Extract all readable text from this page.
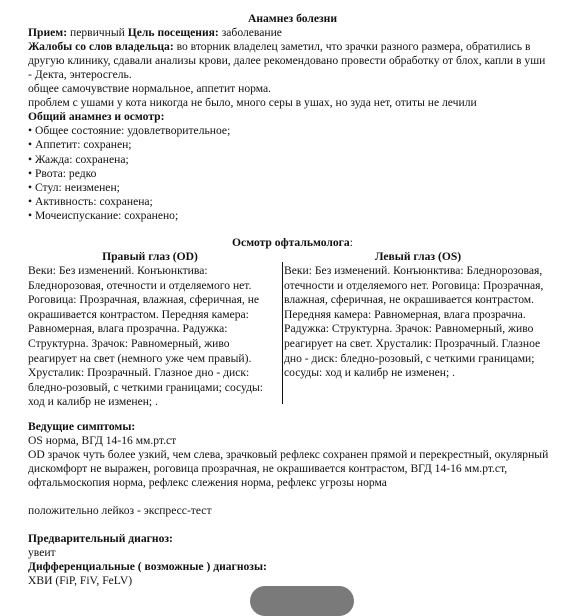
Анамнез болезни
Прием: первичный Цель посещения: заболевание
Жалобы со слов владельца: во вторник владелец заметил, что зрачки разного размера, обратились в
другую клинику, сдавали анализы крови, далее рекомендовано провести обработку от блох, капли в уши
- Декта, энтеросгель.
общее самочувствие нормальное, аппетит норма.
проблем с ушами у кота никогда не было, много серы в ушах, но зуда нет, отиты не лечили
Общий анамнез и осмотр:
• Общее состояние: удовлетворительное;
• Аппетит: сохранен;
• Жажда: сохранена;
• Рвота: редко
• Стул: неизменен;
• Активность: сохранена;
• Мочеиспускание: сохранено;
Осмотр офтальмолога:
Правый глаз (OD)	Левый глаз (OS)
Веки: Без изменений. Конъюнктива:
Бледнорозовая, отечности и отделяемого нет.
Роговица: Прозрачная, влажная, сферичная, не
окрашивается контрастом. Передняя камера:
Равномерная, влага прозрачна. Радужка:
Структурна. Зрачок: Равномерный, живо
реагирует на свет (немного уже чем правый).
Хрусталик: Прозрачный. Глазное дно - диск:
бледно-розовый, с четкими границами; сосуды:
ход и калибр не изменен; .
Веки: Без изменений. Конъюнктива: Бледнорозовая,
отечности и отделяемого нет. Роговица: Прозрачная,
влажная, сферичная, не окрашивается контрастом.
Передняя камера: Равномерная, влага прозрачна.
Радужка: Структурна. Зрачок: Равномерный, живо
реагирует на свет. Хрусталик: Прозрачный. Глазное
дно - диск: бледно-розовый, с четкими границами;
сосуды: ход и калибр не изменен; .
Ведущие симптомы:
OS норма, ВГД 14-16 мм.рт.ст
OD зрачок чуть более узкий, чем слева, зрачковый рефлекс сохранен прямой и перекрестный, окулярный
дискомфорт не выражен, роговица прозрачная, не окрашивается контрастом, ВГД 14-16 мм.рт.ст,
офтальмоскопия норма, рефлекс слежения норма, рефлекс угрозы норма
положительно лейкоз - экспресс-тест
Предварительный диагноз:
увеит
Дифференциальные ( возможные ) диагнозы:
ХВИ (FiP, FiV, FeLV)
